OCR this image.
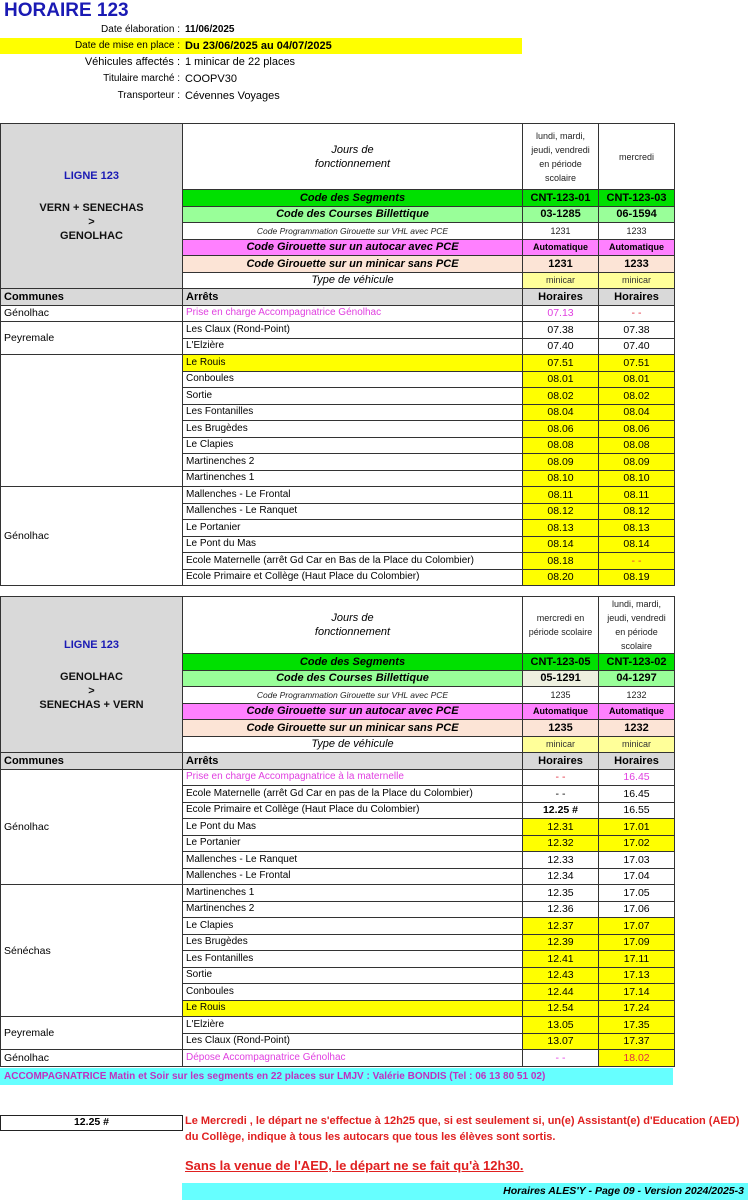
HORAIRE 123
Date élaboration : 11/06/2025
Date de mise en place : Du 23/06/2025 au 04/07/2025
Véhicules affectés : 1 minicar de 22 places
Titulaire marché : COOPV30
Transporteur : Cévennes Voyages
LIGNE 123
VERN + SENECHAS
>
GENOLHAC	Jours de fonctionnement	lundi, mardi, jeudi, vendredi en période scolaire	mercredi
	Code des Segments	CNT-123-01	CNT-123-03
	Code des Courses Billettique	03-1285	06-1594
	Code Programmation Girouette sur VHL avec PCE	1231	1233
	Code Girouette sur un autocar avec PCE	Automatique	Automatique
	Code Girouette sur un minicar sans PCE	1231	1233
	Type de véhicule	minicar	minicar
Communes	Arrêts	Horaires	Horaires
Génolhac	Prise en charge Accompagnatrice Génolhac	07.13	- -
Peyremale	Les Claux (Rond-Point)	07.38	07.38
	L'Elzière	07.40	07.40
	Le Rouis	07.51	07.51
	Conboules	08.01	08.01
	Sortie	08.02	08.02
	Les Fontanilles	08.04	08.04
	Les Brugèdes	08.06	08.06
	Le Clapies	08.08	08.08
	Martinenches 2	08.09	08.09
	Martinenches 1	08.10	08.10
Génolhac	Mallenches - Le Frontal	08.11	08.11
	Mallenches - Le Ranquet	08.12	08.12
	Le Portanier	08.13	08.13
	Le Pont du Mas	08.14	08.14
	Ecole Maternelle (arrêt Gd Car en Bas de la Place du Colombier)	08.18	- -
	Ecole Primaire et Collège (Haut Place du Colombier)	08.20	08.19
LIGNE 123
GENOLHAC
>
SENECHAS + VERN	Jours de fonctionnement	mercredi en période scolaire	lundi, mardi, jeudi, vendredi en période scolaire
	Code des Segments	CNT-123-05	CNT-123-02
	Code des Courses Billettique	05-1291	04-1297
	Code Programmation Girouette sur VHL avec PCE	1235	1232
	Code Girouette sur un autocar avec PCE	Automatique	Automatique
	Code Girouette sur un minicar sans PCE	1235	1232
	Type de véhicule	minicar	minicar
Communes	Arrêts	Horaires	Horaires
Génolhac	Prise en charge Accompagnatrice à la maternelle	- -	16.45
	Ecole Maternelle (arrêt Gd Car en pas de la Place du Colombier)	- -	16.45
	Ecole Primaire et Collège (Haut Place du Colombier)	12.25 #	16.55
	Le Pont du Mas	12.31	17.01
	Le Portanier	12.32	17.02
	Mallenches - Le Ranquet	12.33	17.03
	Mallenches - Le Frontal	12.34	17.04
Sénéchas	Martinenches 1	12.35	17.05
	Martinenches 2	12.36	17.06
	Le Clapies	12.37	17.07
	Les Brugèdes	12.39	17.09
	Les Fontanilles	12.41	17.11
	Sortie	12.43	17.13
	Conboules	12.44	17.14
	Le Rouis	12.54	17.24
Peyremale	L'Elzière	13.05	17.35
	Les Claux (Rond-Point)	13.07	17.37
Génolhac	Dépose Accompagnatrice Génolhac	- -	18.02
ACCOMPAGNATRICE Matin et Soir sur les segments en 22 places sur LMJV : Valérie BONDIS (Tel : 06 13 80 51 02)
12.25 #	Le Mercredi , le départ ne s'effectue à 12h25 que, si est seulement si, un(e) Assistant(e) d'Education (AED) du Collège, indique à tous les autocars que tous les élèves sont sortis.
Sans la venue de l'AED, le départ ne se fait qu'à 12h30.
Horaires ALES'Y - Page 09 - Version 2024/2025-3
